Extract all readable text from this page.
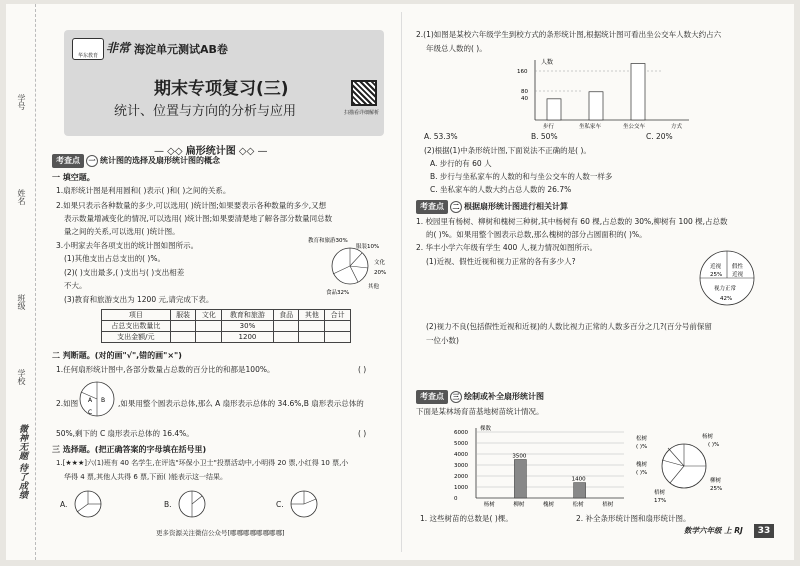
学号
姓名
班级
学校
微神无题 待了成绩
华东教育
非常 海淀单元测试AB卷
期末专项复习(三)
统计、位置与方向的分析与应用	扫描看详细解析
— ◇◇ 扁形统计图 ◇◇ —
考查点 一 统计图的选择及扇形统计图的概念
一 填空题。
1.扇形统计图是利用圆和( )表示( )和( )之间的关系。
2.如果只表示各种数量的多少,可以选用( )统计图;如果要表示各种数量的多少,又想
表示数量增减变化的情况,可以选用( )统计图;如果要清楚地了解各部分数量同总数
量之间的关系,可以选用( )统计图。
3.小明家去年各项支出的统计图如图所示。
(1)其他支出占总支出的( )%。
(2)( )支出最多,( )支出与( )支出相差
不大。
(3)教育和旅游支出为 1200 元,请完成下表。
教育和旅游30%
服装10%
文化
20%
食品32%
其他
项目	服装	文化	教育和旅游	食品	其他	合计
占总支出数量比			30%			
支出金额/元			1200			
二 判断题。(对的画"√",错的画"×")
1.任何扇形统计图中,各部分数量占总数的百分比的和都是100%。	( )
2.如图 A B
C
,如果用整个圆表示总体,那么 A 扇形表示总体的 34.6%,B 扇形表示总体的
50%,剩下的 C 扇形表示总体的 16.4%。	( )
三 选择题。(把正确答案的字母填在括号里)
1.[★★★]六(1)班有 40 名学生,在评选"环保小卫士"投票活动中,小明得 20 票,小红得 10 票,小
华得 4 票,其他人共得 6 票,下面( )能表示这一结果。
A.	B.	C.
更多资源关注微信公众号[哪哪哪哪哪哪哪哪]
2.(1)如图是某校六年级学生到校方式的条形统计图,根据统计图可看出坐公交车人数大约占六
年级总人数的( )。
人数
160
80
40
步行	坐私家车	坐公交车	方式
A. 53.3%	B. 50%	C. 20%
(2)根据(1)中条形统计图,下面说法不正确的是( )。
A. 步行的有 60 人
B. 步行与坐私家车的人数的和与坐公交车的人数一样多
C. 坐私家车的人数大约占总人数的 26.7%
考查点 二 根据扇形统计图进行相关计算
1. 校园里有杨树、柳树和槐树三种树,其中杨树有 60 棵,占总数的 30%,柳树有 100 棵,占总数
的( )%。如果用整个圆表示总数,那么槐树的部分占圆面积的( )%。
2. 华丰小学六年级有学生 400 人,视力情况如图所示。
(1)近视、假性近视和视力正常的各有多少人?
近视
25%
假性
近视
视力正常
42%
(2)视力不良(包括假性近视和近视)的人数比视力正常的人数多百分之几?(百分号前保留
一位小数)
考查点 三 绘制或补全扇形统计图
下面是某林场育苗基地树苗统计情况。
棵数
0
1000
2000
3000
4000
5000
6000
杨树
3500
柳树	槐树
1400
松树	梧树
松树
( )%
杨树
( )%
槐树
( )%
柳树
25%
梧树
17%
1. 这些树苗的总数是( )棵。	2. 补全条形统计图和扇形统计图。
数学六年级 上 RJ	33
